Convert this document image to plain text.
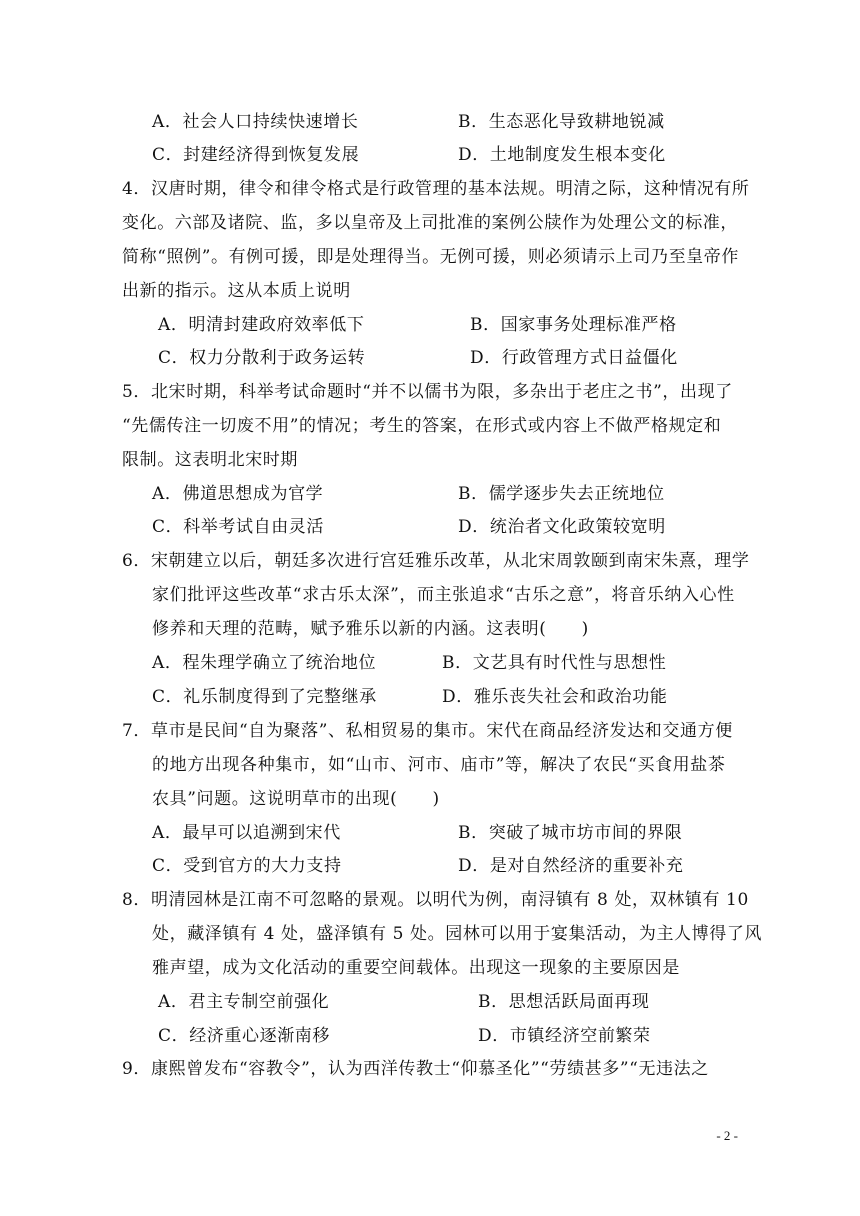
A．社会人口持续快速增长	B．生态恶化导致耕地锐减
C．封建经济得到恢复发展	D．土地制度发生根本变化
4．汉唐时期，律令和律令格式是行政管理的基本法规。明清之际，这种情况有所
变化。六部及诸院、监，多以皇帝及上司批准的案例公牍作为处理公文的标准，
简称“照例”。有例可援，即是处理得当。无例可援，则必须请示上司乃至皇帝作
出新的指示。这从本质上说明
A．明清封建政府效率低下	B．国家事务处理标准严格
C．权力分散利于政务运转	D．行政管理方式日益僵化
5．北宋时期，科举考试命题时“并不以儒书为限，多杂出于老庄之书”，出现了
“先儒传注一切废不用”的情况；考生的答案，在形式或内容上不做严格规定和
限制。这表明北宋时期
A．佛道思想成为官学	B．儒学逐步失去正统地位
C．科举考试自由灵活	D．统治者文化政策较宽明
6．宋朝建立以后，朝廷多次进行宫廷雅乐改革，从北宋周敦颐到南宋朱熹，理学
家们批评这些改革“求古乐太深”，而主张追求“古乐之意”，将音乐纳入心性
修养和天理的范畴，赋予雅乐以新的内涵。这表明(　　)
A．程朱理学确立了统治地位	B．文艺具有时代性与思想性
C．礼乐制度得到了完整继承	D．雅乐丧失社会和政治功能
7．草市是民间“自为聚落”、私相贸易的集市。宋代在商品经济发达和交通方便
的地方出现各种集市，如“山市、河市、庙市”等，解决了农民“买食用盐茶
农具”问题。这说明草市的出现(　　)
A．最早可以追溯到宋代	B．突破了城市坊市间的界限
C．受到官方的大力支持	D．是对自然经济的重要补充
8．明清园林是江南不可忽略的景观。以明代为例，南浔镇有 8 处，双林镇有 10
处，藏泽镇有 4 处，盛泽镇有 5 处。园林可以用于宴集活动，为主人博得了风
雅声望，成为文化活动的重要空间载体。出现这一现象的主要原因是
A．君主专制空前强化	B．思想活跃局面再现
C．经济重心逐渐南移	D．市镇经济空前繁荣
9．康熙曾发布“容教令”，认为西洋传教士“仰慕圣化”“劳绩甚多”“无违法之
- 2 -
